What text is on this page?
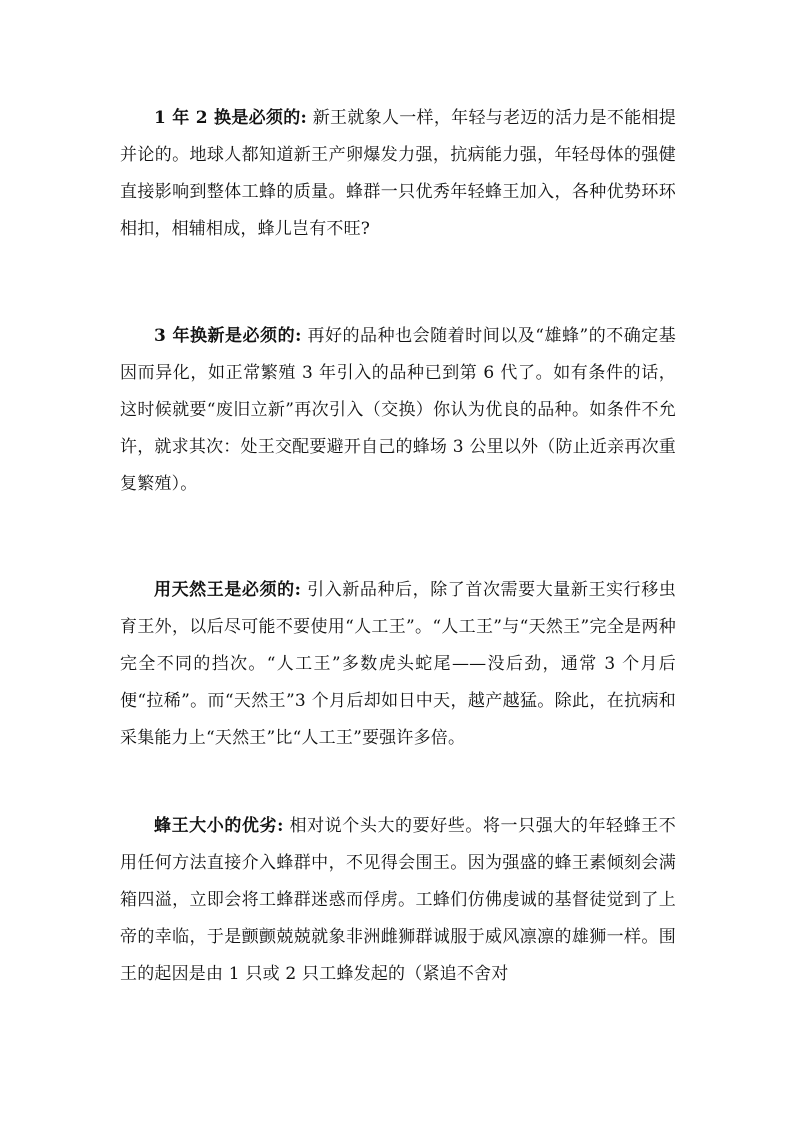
1 年 2 换是必须的: 新王就象人一样，年轻与老迈的活力是不能相提并论的。地球人都知道新王产卵爆发力强，抗病能力强，年轻母体的强健直接影响到整体工蜂的质量。蜂群一只优秀年轻蜂王加入，各种优势环环相扣，相辅相成，蜂儿岂有不旺?

3 年换新是必须的: 再好的品种也会随着时间以及“雄蜂”的不确定基因而异化，如正常繁殖 3 年引入的品种已到第 6 代了。如有条件的话，这时候就要“废旧立新”再次引入（交换）你认为优良的品种。如条件不允许，就求其次：处王交配要避开自己的蜂场 3 公里以外（防止近亲再次重复繁殖）。

用天然王是必须的: 引入新品种后，除了首次需要大量新王实行移虫育王外，以后尽可能不要使用“人工王”。“人工王”与“天然王”完全是两种完全不同的挡次。“人工王”多数虎头蛇尾——没后劲，通常 3 个月后便“拉稀”。而“天然王”3 个月后却如日中天，越产越猛。除此，在抗病和采集能力上“天然王”比“人工王”要强许多倍。

蜂王大小的优劣: 相对说个头大的要好些。将一只强大的年轻蜂王不用任何方法直接介入蜂群中，不见得会围王。因为强盛的蜂王素倾刻会满箱四溢，立即会将工蜂群迷惑而俘虏。工蜂们仿佛虔诚的基督徒觉到了上帝的幸临，于是颤颤兢兢就象非洲雌狮群诚服于威风凛凛的雄狮一样。围王的起因是由 1 只或 2 只工蜂发起的（紧追不舍对
